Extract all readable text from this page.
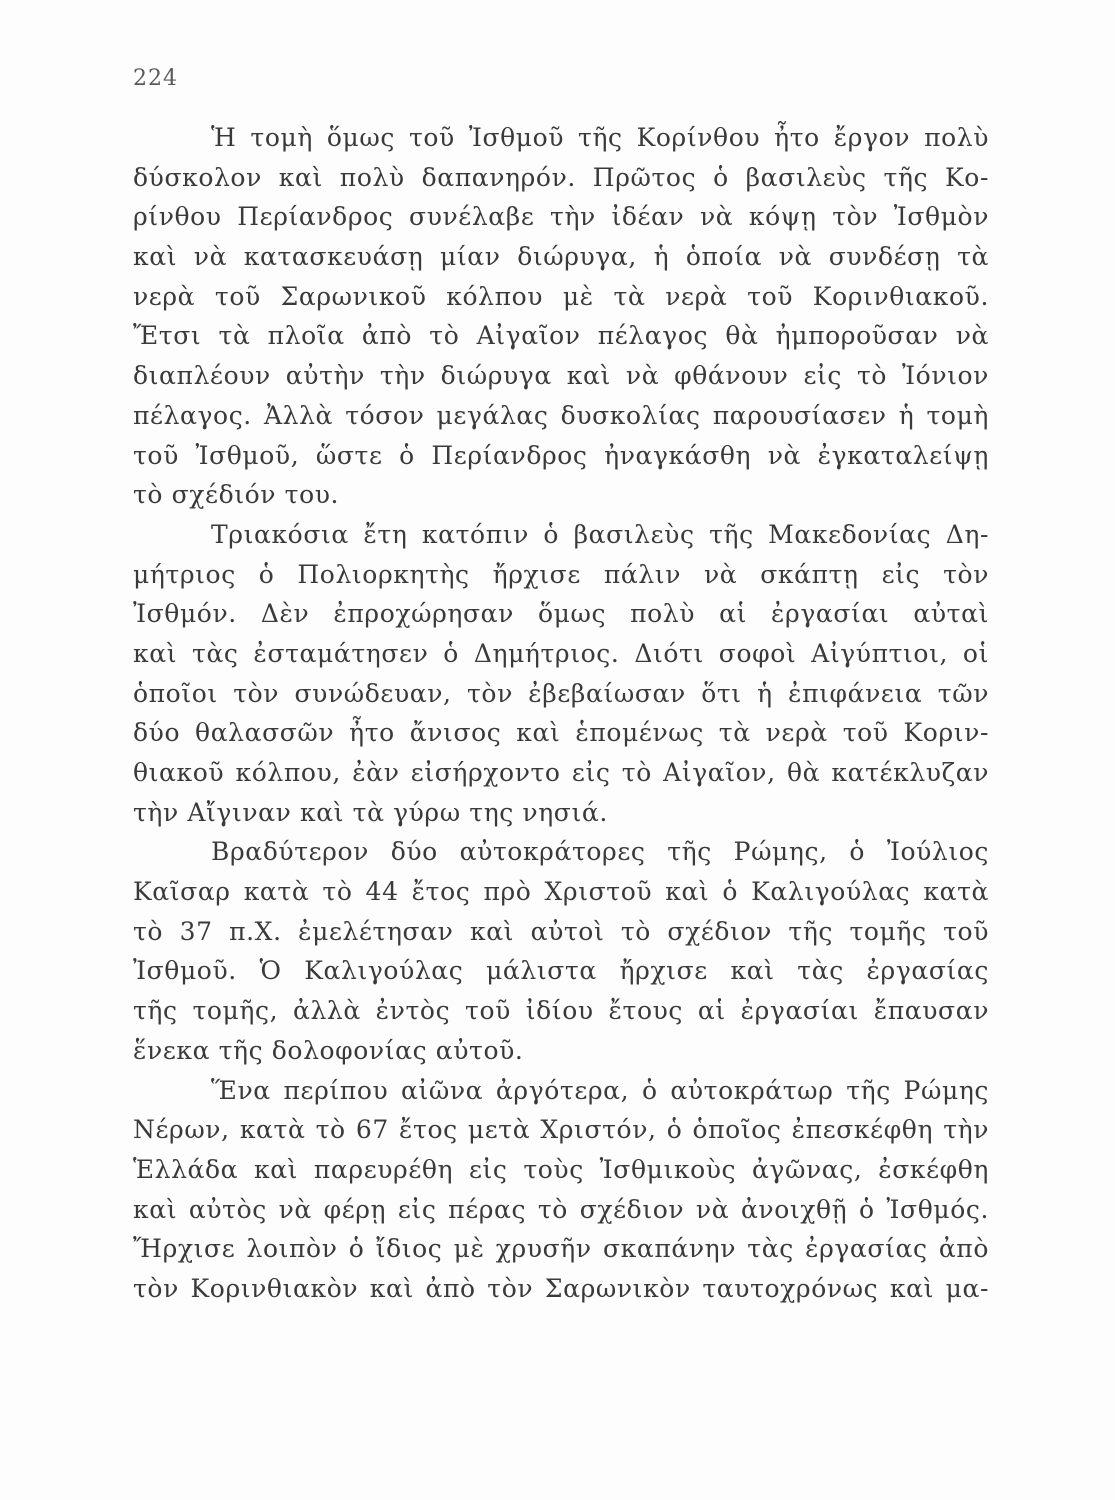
224
Ἡ τομὴ ὅμως τοῦ Ἰσθμοῦ τῆς Κορίνθου ἦτο ἔργον πολὺ
δύσκολον καὶ πολὺ δαπανηρόν. Πρῶτος ὁ βασιλεὺς τῆς Κο-
ρίνθου Περίανδρος συνέλαβε τὴν ἰδέαν νὰ κόψῃ τὸν Ἰσθμὸν
καὶ νὰ κατασκευάσῃ μίαν διώρυγα, ἡ ὁποία νὰ συνδέσῃ τὰ
νερὰ τοῦ Σαρωνικοῦ κόλπου μὲ τὰ νερὰ τοῦ Κορινθιακοῦ.
Ἔτσι τὰ πλοῖα ἀπὸ τὸ Αἰγαῖον πέλαγος θὰ ἠμποροῦσαν νὰ
διαπλέουν αὐτὴν τὴν διώρυγα καὶ νὰ φθάνουν εἰς τὸ Ἰόνιον
πέλαγος. Ἀλλὰ τόσον μεγάλας δυσκολίας παρουσίασεν ἡ τομὴ
τοῦ Ἰσθμοῦ, ὥστε ὁ Περίανδρος ἠναγκάσθη νὰ ἐγκαταλείψῃ
τὸ σχέδιόν του.
Τριακόσια ἔτη κατόπιν ὁ βασιλεὺς τῆς Μακεδονίας Δη-
μήτριος ὁ Πολιορκητὴς ἤρχισε πάλιν νὰ σκάπτῃ εἰς τὸν
Ἰσθμόν. Δὲν ἐπροχώρησαν ὅμως πολὺ αἱ ἐργασίαι αὐταὶ
καὶ τὰς ἐσταμάτησεν ὁ Δημήτριος. Διότι σοφοὶ Αἰγύπτιοι, οἱ
ὁποῖοι τὸν συνώδευαν, τὸν ἐβεβαίωσαν ὅτι ἡ ἐπιφάνεια τῶν
δύο θαλασσῶν ἦτο ἄνισος καὶ ἑπομένως τὰ νερὰ τοῦ Κοριν-
θιακοῦ κόλπου, ἐὰν εἰσήρχοντο εἰς τὸ Αἰγαῖον, θὰ κατέκλυζαν
τὴν Αἴγιναν καὶ τὰ γύρω της νησιά.
Βραδύτερον δύο αὐτοκράτορες τῆς Ρώμης, ὁ Ἰούλιος
Καῖσαρ κατὰ τὸ 44 ἔτος πρὸ Χριστοῦ καὶ ὁ Καλιγούλας κατὰ
τὸ 37 π.Χ. ἐμελέτησαν καὶ αὐτοὶ τὸ σχέδιον τῆς τομῆς τοῦ
Ἰσθμοῦ. Ὁ Καλιγούλας μάλιστα ἤρχισε καὶ τὰς ἐργασίας
τῆς τομῆς, ἀλλὰ ἐντὸς τοῦ ἰδίου ἔτους αἱ ἐργασίαι ἔπαυσαν
ἕνεκα τῆς δολοφονίας αὐτοῦ.
Ἕνα περίπου αἰῶνα ἀργότερα, ὁ αὐτοκράτωρ τῆς Ρώμης
Νέρων, κατὰ τὸ 67 ἔτος μετὰ Χριστόν, ὁ ὁποῖος ἐπεσκέφθη τὴν
Ἑλλάδα καὶ παρευρέθη εἰς τοὺς Ἰσθμικοὺς ἀγῶνας, ἐσκέφθη
καὶ αὐτὸς νὰ φέρῃ εἰς πέρας τὸ σχέδιον νὰ ἀνοιχθῇ ὁ Ἰσθμός.
Ἤρχισε λοιπὸν ὁ ἴδιος μὲ χρυσῆν σκαπάνην τὰς ἐργασίας ἀπὸ
τὸν Κορινθιακὸν καὶ ἀπὸ τὸν Σαρωνικὸν ταυτοχρόνως καὶ μα-
